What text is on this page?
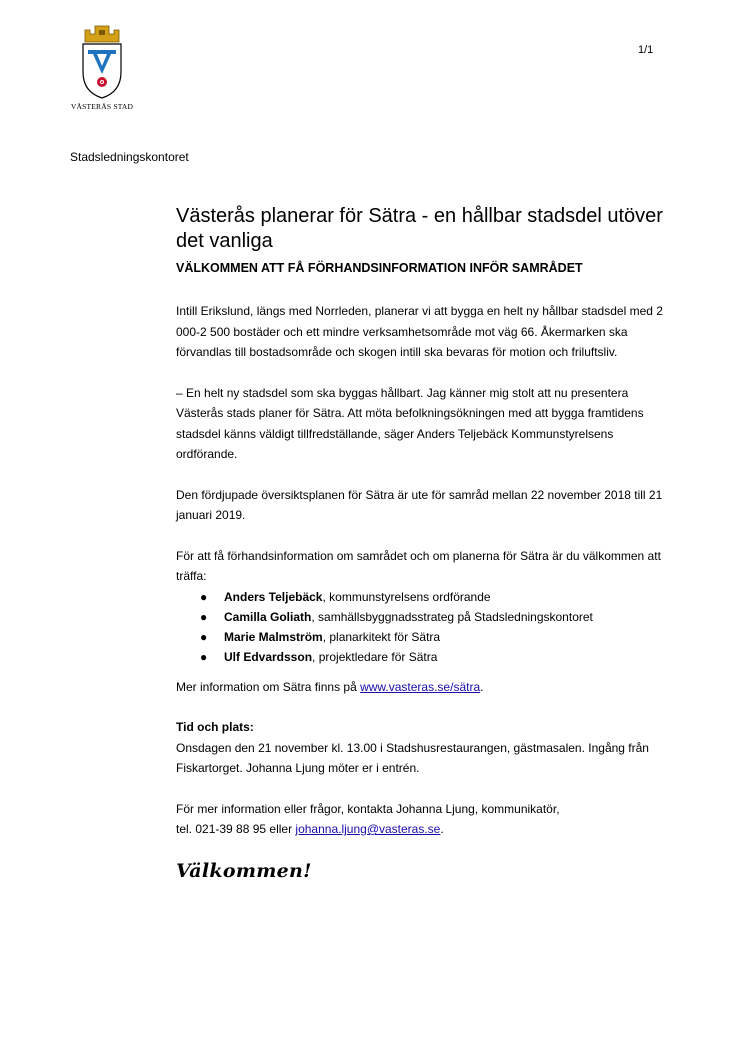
VÄSTERÅS STAD
1/1
Stadsledningskontoret
Västerås planerar för Sätra - en hållbar stadsdel utöver det vanliga

VÄLKOMMEN ATT FÅ FÖRHANDSINFORMATION INFÖR SAMRÅDET

Intill Erikslund, längs med Norrleden, planerar vi att bygga en helt ny hållbar stadsdel med 2 000-2 500 bostäder och ett mindre verksamhetsområde mot väg 66. Åkermarken ska förvandlas till bostadsområde och skogen intill ska bevaras för motion och friluftsliv.

– En helt ny stadsdel som ska byggas hållbart. Jag känner mig stolt att nu presentera Västerås stads planer för Sätra. Att möta befolkningsökningen med att bygga framtidens stadsdel känns väldigt tillfredställande, säger Anders Teljebäck Kommunstyrelsens ordförande.

Den fördjupade översiktsplanen för Sätra är ute för samråd mellan 22 november 2018 till 21 januari 2019.

För att få förhandsinformation om samrådet och om planerna för Sätra är du välkommen att träffa:

● Anders Teljebäck, kommunstyrelsens ordförande
● Camilla Goliath, samhällsbyggnadsstrateg på Stadsledningskontoret
● Marie Malmström, planarkitekt för Sätra
● Ulf Edvardsson, projektledare för Sätra

Mer information om Sätra finns på www.vasteras.se/sätra.

Tid och plats:

Onsdagen den 21 november kl. 13.00 i Stadshusrestaurangen, gästmasalen. Ingång från Fiskartorget. Johanna Ljung möter er i entrén.

För mer information eller frågor, kontakta Johanna Ljung, kommunikatör,

tel. 021-39 88 95 eller johanna.ljung@vasteras.se.

Välkommen!
